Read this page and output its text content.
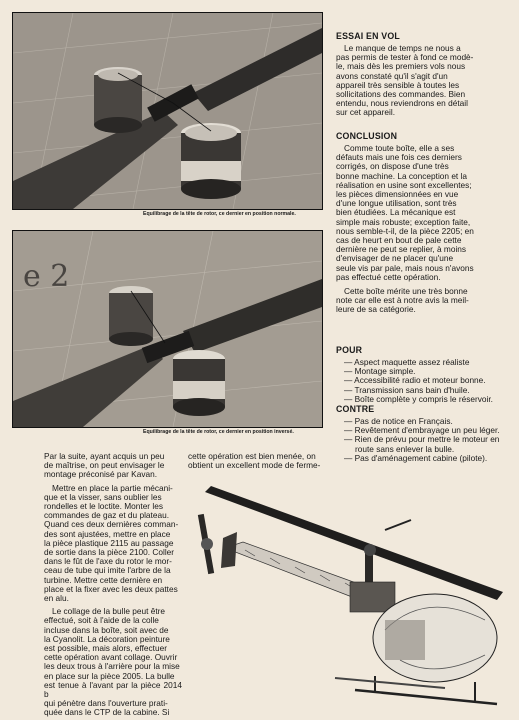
Equilibrage de la tête de rotor, ce dernier en position normale.
e 2
Equilibrage de la tête de rotor, ce dernier en position inversé.
ESSAI EN VOL
Le manque de temps ne nous a
pas permis de tester à fond ce modè-
le, mais dès les premiers vols nous
avons constaté qu'il s'agit d'un
appareil très sensible à toutes les
sollicitations des commandes. Bien
entendu, nous reviendrons en détail
sur cet appareil.
CONCLUSION
Comme toute boîte, elle a ses
défauts mais une fois ces derniers
corrigés, on dispose d'une très
bonne machine. La conception et la
réalisation en usine sont excellentes;
les pièces dimensionnées en vue
d'une longue utilisation, sont très
bien étudiées. La mécanique est
simple mais robuste; exception faite,
nous semble-t-il, de la pièce 2205; en
cas de heurt en bout de pale cette
dernière ne peut se replier, à moins
d'envisager de ne placer qu'une
seule vis par pale, mais nous n'avons
pas effectué cette opération.
Cette boîte mérite une très bonne
note car elle est à notre avis la meil-
leure de sa catégorie.
POUR
— Aspect maquette assez réaliste
— Montage simple.
— Accessibilité radio et moteur bonne.
— Transmission sans bain d'huile.
— Boîte complète y compris le réservoir.
CONTRE
— Pas de notice en Français.
— Revêtement d'embrayage un peu léger.
— Rien de prévu pour mettre le moteur en route sans enlever la bulle.
— Pas d'aménagement cabine (pilote).
Par la suite, ayant acquis un peu
de maîtrise, on peut envisager le
montage préconisé par Kavan.
Mettre en place la partie mécani-
que et la visser, sans oublier les
rondelles et le loctite. Monter les
commandes de gaz et du plateau.
Quand ces deux dernières comman-
des sont ajustées, mettre en place
la pièce plastique 2115 au passage
de sortie dans la pièce 2100. Coller
dans le fût de l'axe du rotor le mor-
ceau de tube qui imite l'arbre de la
turbine. Mettre cette dernière en
place et la fixer avec les deux pattes
en alu.
Le collage de la bulle peut être
effectué, soit à l'aide de la colle
incluse dans la boîte, soit avec de
la Cyanolit. La décoration peinture
est possible, mais alors, effectuer
cette opération avant collage. Ouvrir
les deux trous à l'arrière pour la mise
en place sur la pièce 2005. La bulle
est tenue à l'avant par la pièce 2014 b
qui pénètre dans l'ouverture prati-
quée dans le CTP de la cabine. Si
cette opération est bien menée, on
obtient un excellent mode de ferme-
